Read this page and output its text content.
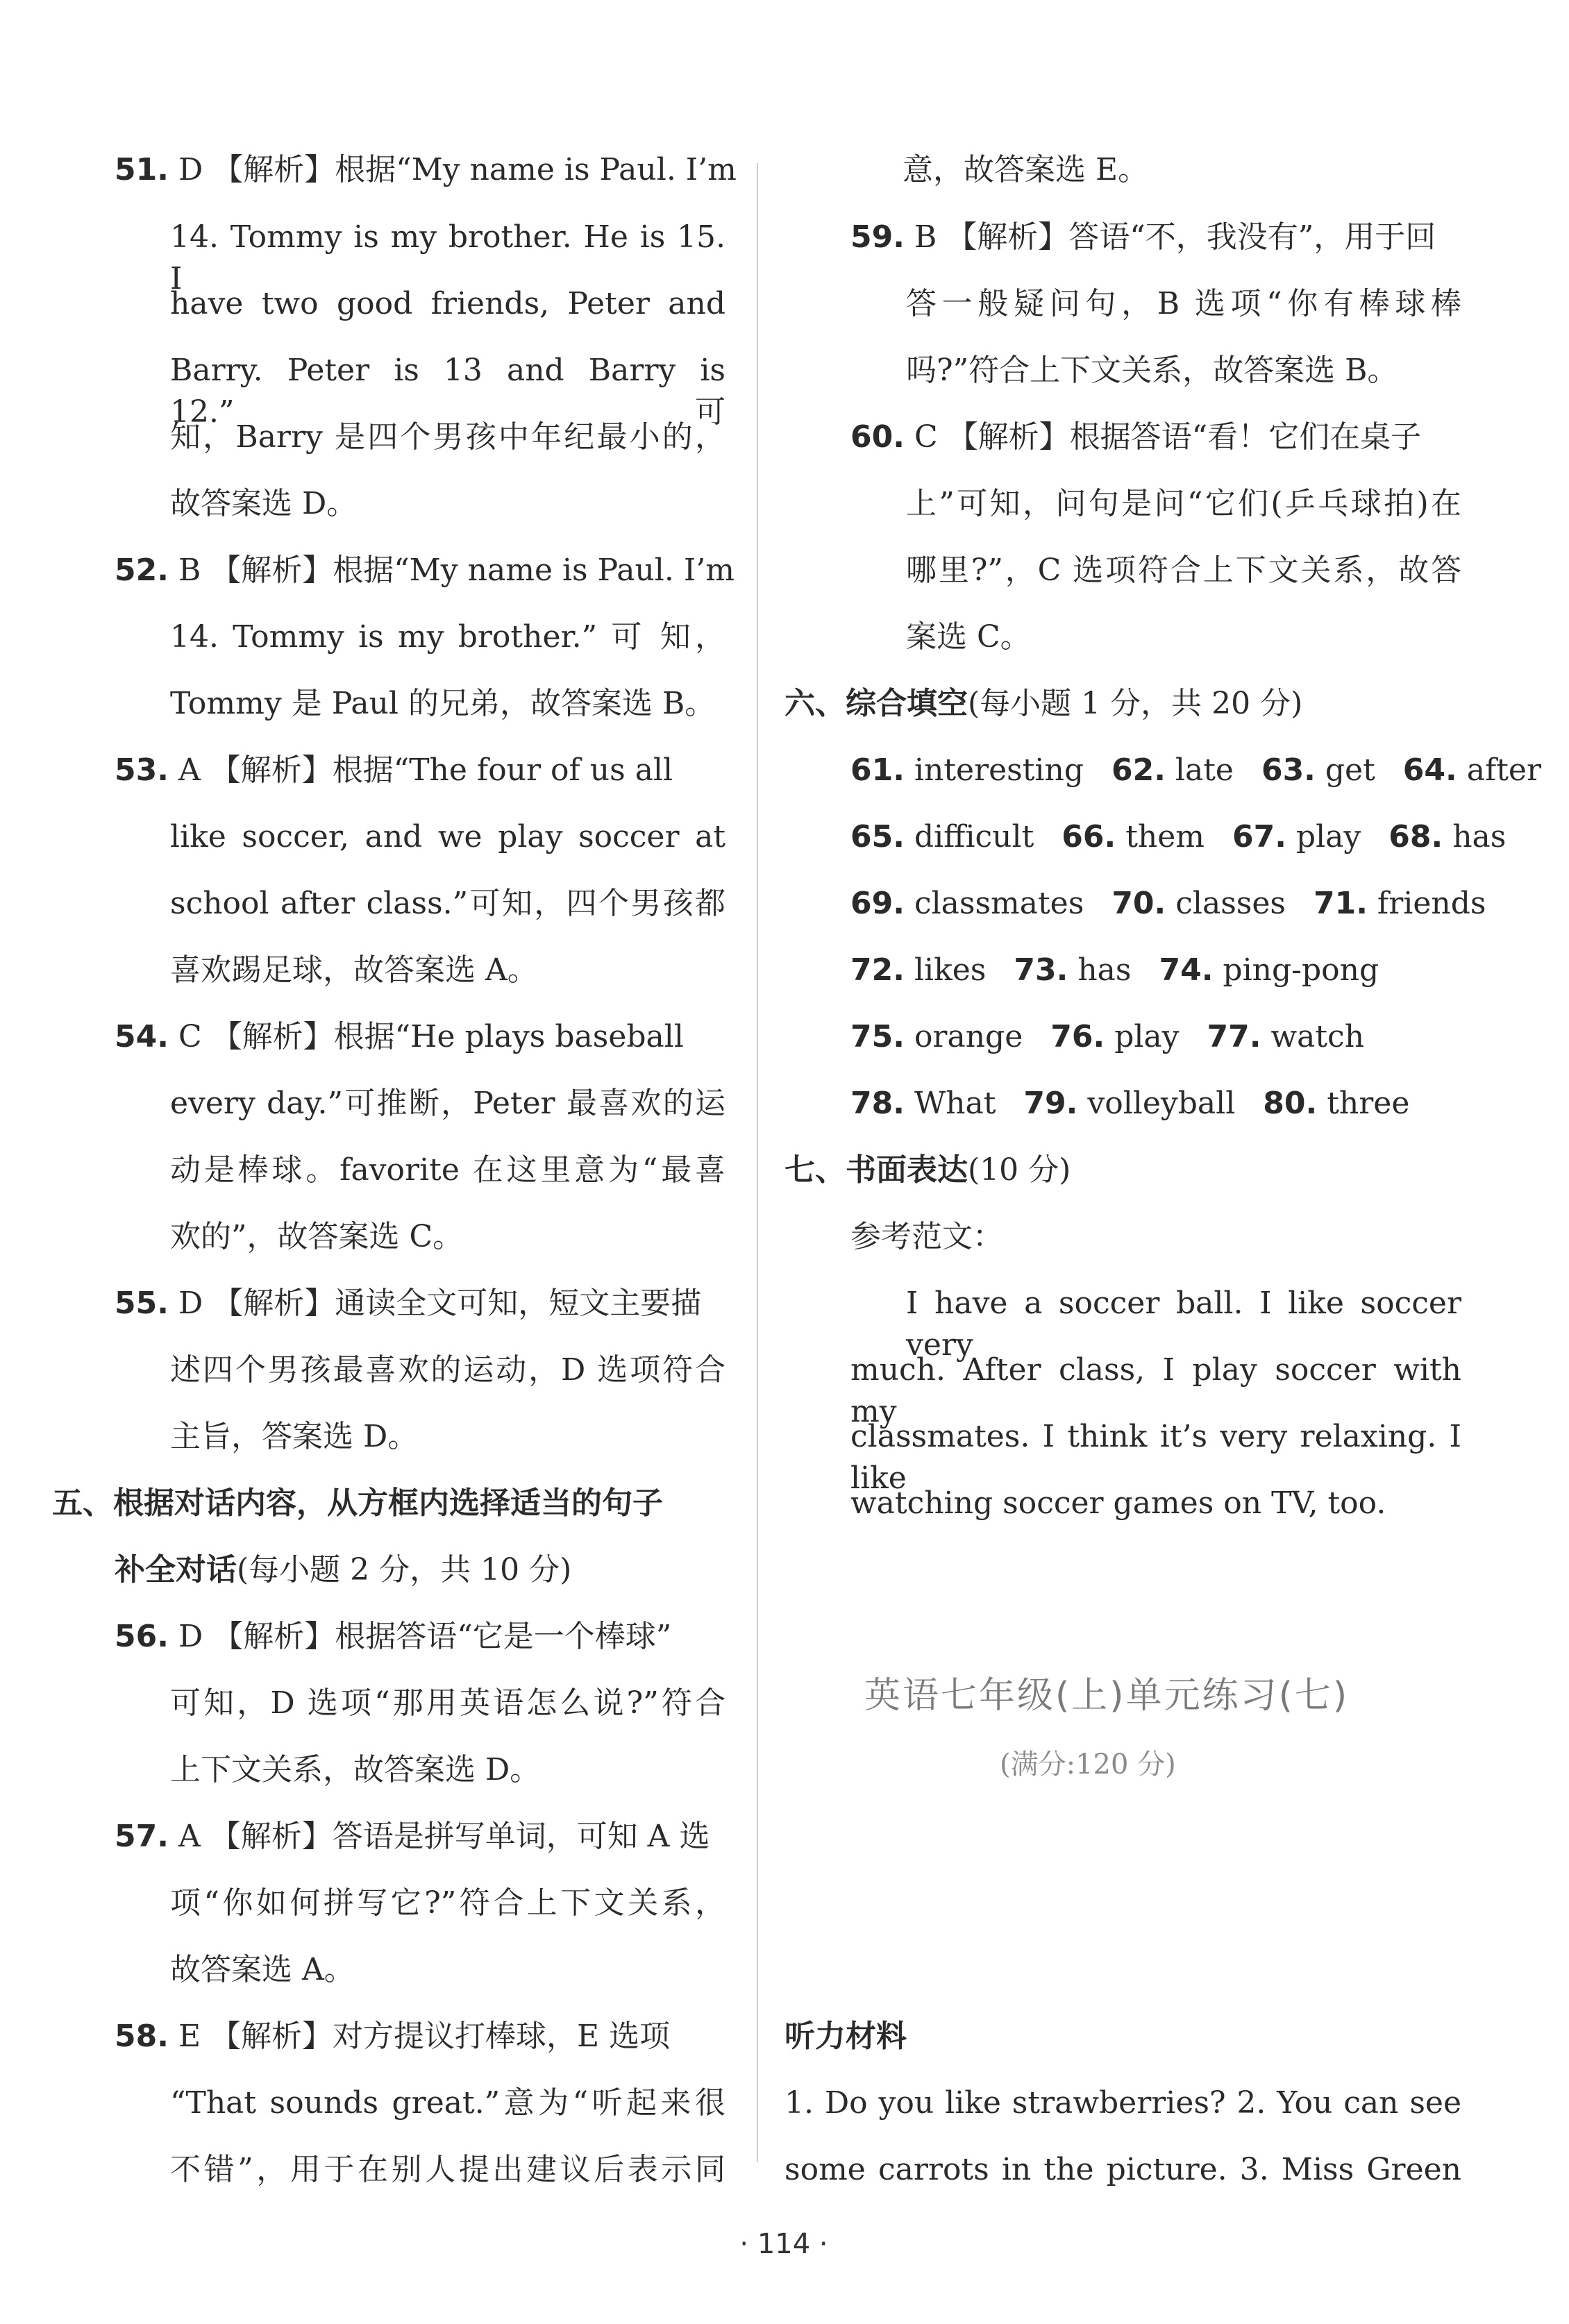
51. D 【解析】根据“My name is Paul. I’m
14. Tommy is my brother. He is 15. I
have two good friends, Peter and
Barry. Peter is 13 and Barry is 12.”可
知，Barry 是四个男孩中年纪最小的，
故答案选 D。
52. B 【解析】根据“My name is Paul. I’m
14. Tommy is my brother.” 可 知，
Tommy 是 Paul 的兄弟，故答案选 B。
53. A 【解析】根据“The four of us all
like soccer, and we play soccer at
school after class.”可知，四个男孩都
喜欢踢足球，故答案选 A。
54. C 【解析】根据“He plays baseball
every day.”可推断，Peter 最喜欢的运
动是棒球。favorite 在这里意为“最喜
欢的”，故答案选 C。
55. D 【解析】通读全文可知，短文主要描
述四个男孩最喜欢的运动，D 选项符合
主旨，答案选 D。
五、根据对话内容，从方框内选择适当的句子
补全对话(每小题 2 分，共 10 分)
56. D 【解析】根据答语“它是一个棒球”
可知，D 选项“那用英语怎么说?”符合
上下文关系，故答案选 D。
57. A 【解析】答语是拼写单词，可知 A 选
项“你如何拼写它?”符合上下文关系，
故答案选 A。
58. E 【解析】对方提议打棒球，E 选项
“That sounds great.”意为“听起来很
不错”，用于在别人提出建议后表示同
意，故答案选 E。
59. B 【解析】答语“不，我没有”，用于回
答一般疑问句，B 选项“你有棒球棒
吗?”符合上下文关系，故答案选 B。
60. C 【解析】根据答语“看！它们在桌子
上”可知，问句是问“它们(乒乓球拍)在
哪里?”，C 选项符合上下文关系，故答
案选 C。
六、综合填空(每小题 1 分，共 20 分)
61. interesting 62. late 63. get 64. after
65. difficult 66. them 67. play 68. has
69. classmates 70. classes 71. friends
72. likes 73. has 74. ping-pong
75. orange 76. play 77. watch
78. What 79. volleyball 80. three
七、书面表达(10 分)
参考范文：
I have a soccer ball. I like soccer very
much. After class, I play soccer with my
classmates. I think it’s very relaxing. I like
watching soccer games on TV, too.
听力材料
1. Do you like strawberries? 2. You can see
some carrots in the picture. 3. Miss Green
英语七年级(上)单元练习(七)
(满分:120 分)
· 114 ·
